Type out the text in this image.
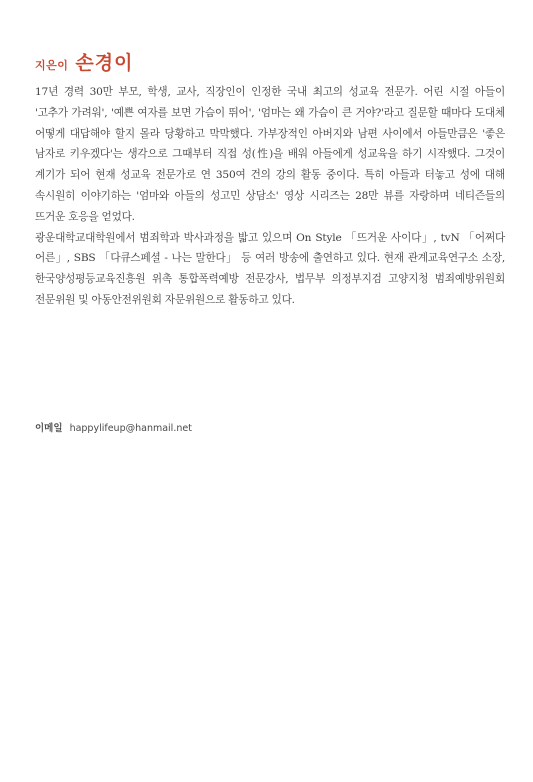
지은이 손경이

17년 경력 30만 부모, 학생, 교사, 직장인이 인정한 국내 최고의 성교육 전문가. 어린 시절 아들이 '고추가 가려워', '예쁜 여자를 보면 가슴이 뛰어', '엄마는 왜 가슴이 큰 거야?'라고 질문할 때마다 도대체 어떻게 대답해야 할지 몰라 당황하고 막막했다. 가부장적인 아버지와 남편 사이에서 아들만큼은 '좋은 남자로 키우겠다'는 생각으로 그때부터 직접 성(性)을 배워 아들에게 성교육을 하기 시작했다. 그것이 계기가 되어 현재 성교육 전문가로 연 350여 건의 강의 활동 중이다. 특히 아들과 터놓고 성에 대해 속시원히 이야기하는 '엄마와 아들의 성고민 상담소' 영상 시리즈는 28만 뷰를 자랑하며 네티즌들의 뜨거운 호응을 얻었다.

광운대학교대학원에서 범죄학과 박사과정을 밟고 있으며 On Style 「뜨거운 사이다」, tvN 「어쩌다 어른」, SBS 「다큐스페셜 - 나는 말한다」 등 여러 방송에 출연하고 있다. 현재 관계교육연구소 소장, 한국양성평등교육진흥원 위촉 통합폭력예방 전문강사, 법무부 의정부지검 고양지청 범죄예방위원회 전문위원 및 아동안전위원회 자문위원으로 활동하고 있다.

이메일 happylifeup@hanmail.net
